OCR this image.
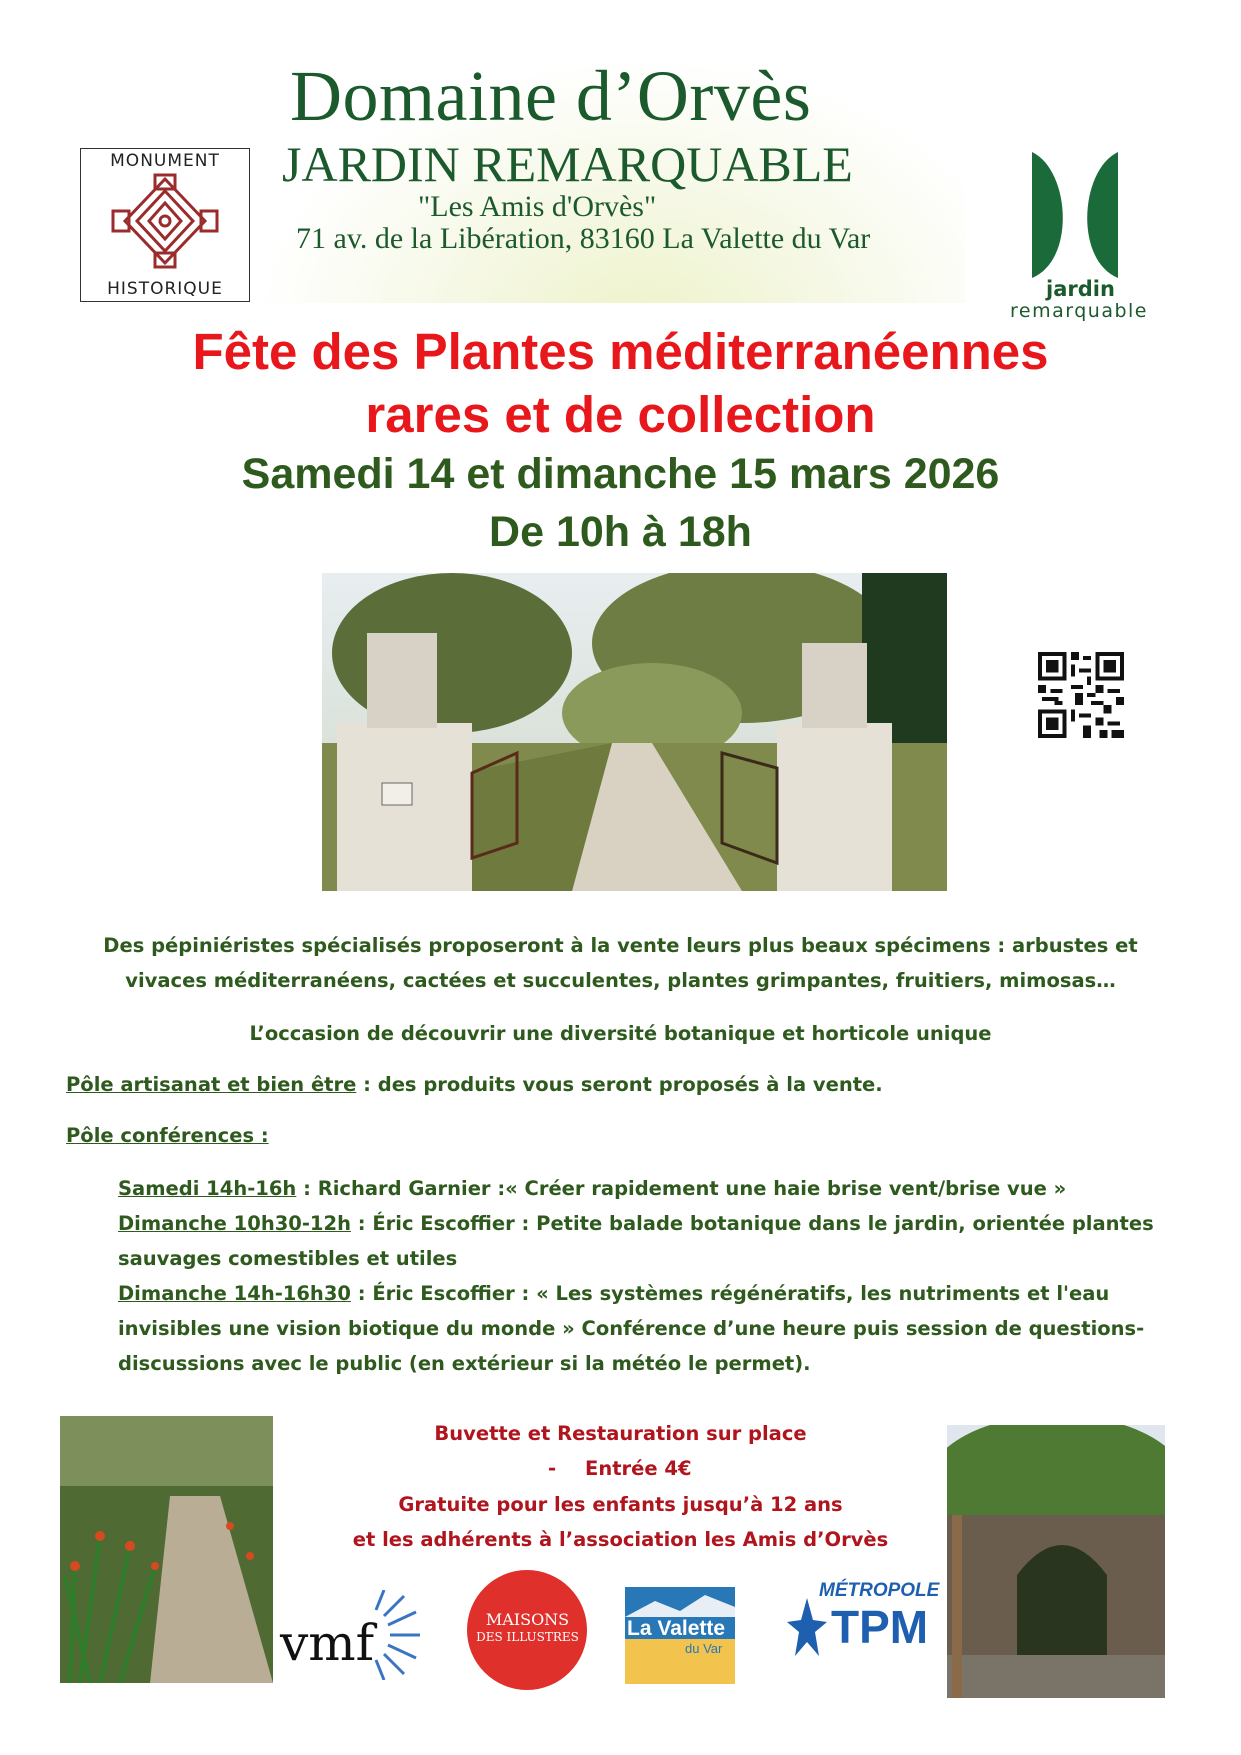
Domaine d’Orvès
JARDIN REMARQUABLE
"Les Amis d'Orvès"
71 av. de la Libération, 83160 La Valette du Var
MONUMENT
HISTORIQUE	jardin
remarquable
Fête des Plantes méditerranéennes
rares et de collection
Samedi 14 et dimanche 15 mars 2026
De 10h à 18h
Des pépiniéristes spécialisés proposeront à la vente leurs plus beaux spécimens : arbustes et
vivaces méditerranéens, cactées et succulentes, plantes grimpantes, fruitiers, mimosas…
L’occasion de découvrir une diversité botanique et horticole unique
Pôle artisanat et bien être : des produits vous seront proposés à la vente.
Pôle conférences :
Samedi 14h-16h : Richard Garnier :« Créer rapidement une haie brise vent/brise vue »
Dimanche 10h30-12h : Éric Escoffier : Petite balade botanique dans le jardin, orientée plantes sauvages comestibles et utiles
Dimanche 14h-16h30 : Éric Escoffier : « Les systèmes régénératifs, les nutriments et l'eau invisibles une vision biotique du monde » Conférence d’une heure puis session de questions-discussions avec le public (en extérieur si la météo le permet).
Buvette et Restauration sur place
- Entrée 4€
Gratuite pour les enfants jusqu’à 12 ans
et les adhérents à l’association les Amis d’Orvès
vmf	MAISONS
DES ILLUSTRES	La Valette
du Var
MÉTROPOLE
TPM
